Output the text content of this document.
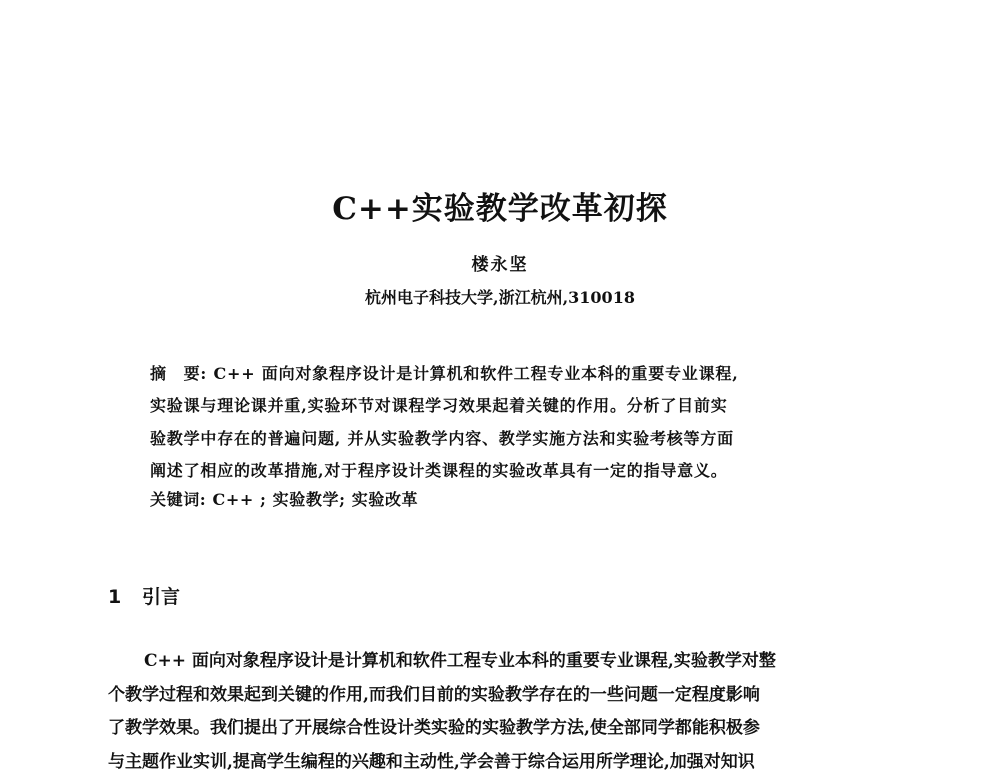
C++实验教学改革初探
楼永坚
杭州电子科技大学,浙江杭州,310018
摘　要: C++ 面向对象程序设计是计算机和软件工程专业本科的重要专业课程,
实验课与理论课并重,实验环节对课程学习效果起着关键的作用。分析了目前实
验教学中存在的普遍问题, 并从实验教学内容、教学实施方法和实验考核等方面
阐述了相应的改革措施,对于程序设计类课程的实验改革具有一定的指导意义。
关键词: C++ ; 实验教学; 实验改革
1 引言
C++ 面向对象程序设计是计算机和软件工程专业本科的重要专业课程,实验教学对整
个教学过程和效果起到关键的作用,而我们目前的实验教学存在的一些问题一定程度影响
了教学效果。我们提出了开展综合性设计类实验的实验教学方法,使全部同学都能积极参
与主题作业实训,提高学生编程的兴趣和主动性,学会善于综合运用所学理论,加强对知识
